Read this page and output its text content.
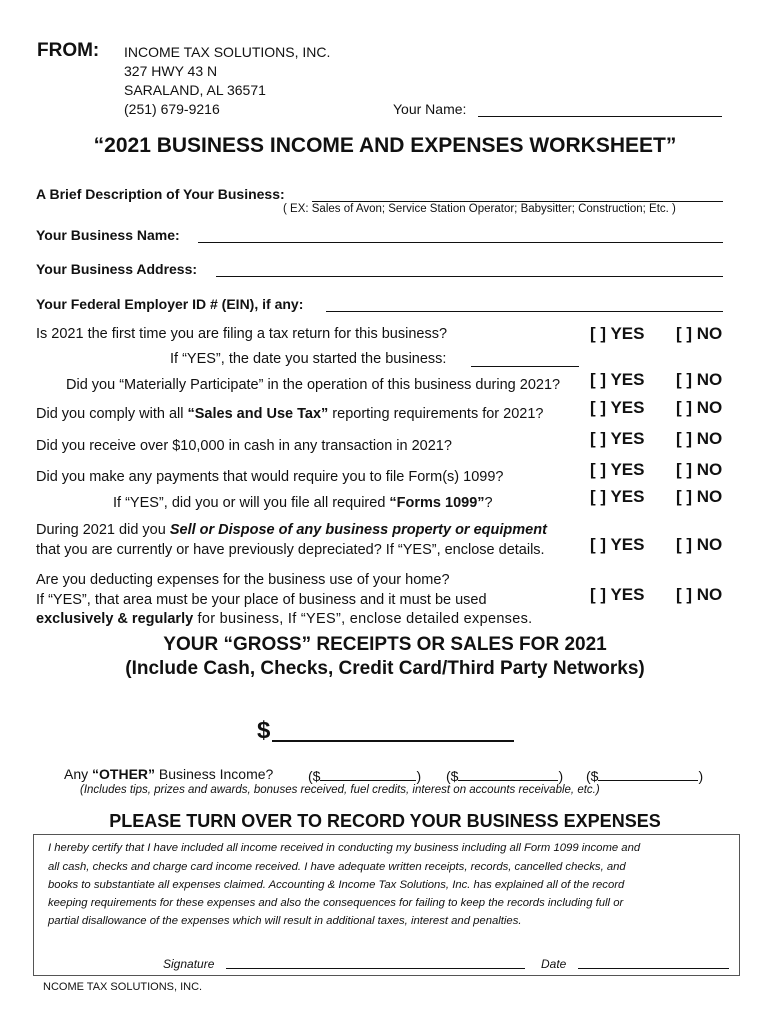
FROM: INCOME TAX SOLUTIONS, INC.
327 HWY 43 N
SARALAND, AL 36571
(251) 679-9216	Your Name:
“2021 BUSINESS INCOME AND EXPENSES WORKSHEET”
A Brief Description of Your Business:
( EX: Sales of Avon; Service Station Operator; Babysitter; Construction; Etc. )
Your Business Name:
Your Business Address:
Your Federal Employer ID # (EIN), if any:
Is 2021 the first time you are filing a tax return for this business?	[ ] YES [ ] NO
If “YES”, the date you started the business:
Did you “Materially Participate” in the operation of this business during 2021? [ ] YES [ ] NO
Did you comply with all “Sales and Use Tax” reporting requirements for 2021?	[ ] YES [ ] NO
Did you receive over $10,000 in cash in any transaction in 2021?	[ ] YES [ ] NO
Did you make any payments that would require you to file Form(s) 1099?	[ ] YES [ ] NO
If “YES”, did you or will you file all required “Forms 1099”?	[ ] YES [ ] NO
During 2021 did you Sell or Dispose of any business property or equipment
that you are currently or have previously depreciated? If “YES”, enclose details.	[ ] YES [ ] NO
Are you deducting expenses for the business use of your home?
If “YES”, that area must be your place of business and it must be used
exclusively & regularly for business, If “YES”, enclose detailed expenses.
[ ] YES [ ] NO
YOUR “GROSS” RECEIPTS OR SALES FOR 2021
(Include Cash, Checks, Credit Card/Third Party Networks)
$
Any “OTHER” Business Income? ($	) ($	) ($	)
(Includes tips, prizes and awards, bonuses received, fuel credits, interest on accounts receivable, etc.)
PLEASE TURN OVER TO RECORD YOUR BUSINESS EXPENSES
I hereby certify that I have included all income received in conducting my business including all Form 1099 income and
all cash, checks and charge card income received. I have adequate written receipts, records, cancelled checks, and
books to substantiate all expenses claimed. Accounting & Income Tax Solutions, Inc. has explained all of the record
keeping requirements for these expenses and also the consequences for failing to keep the records including full or
partial disallowance of the expenses which will result in additional taxes, interest and penalties.
Signature	Date
NCOME TAX SOLUTIONS, INC.
